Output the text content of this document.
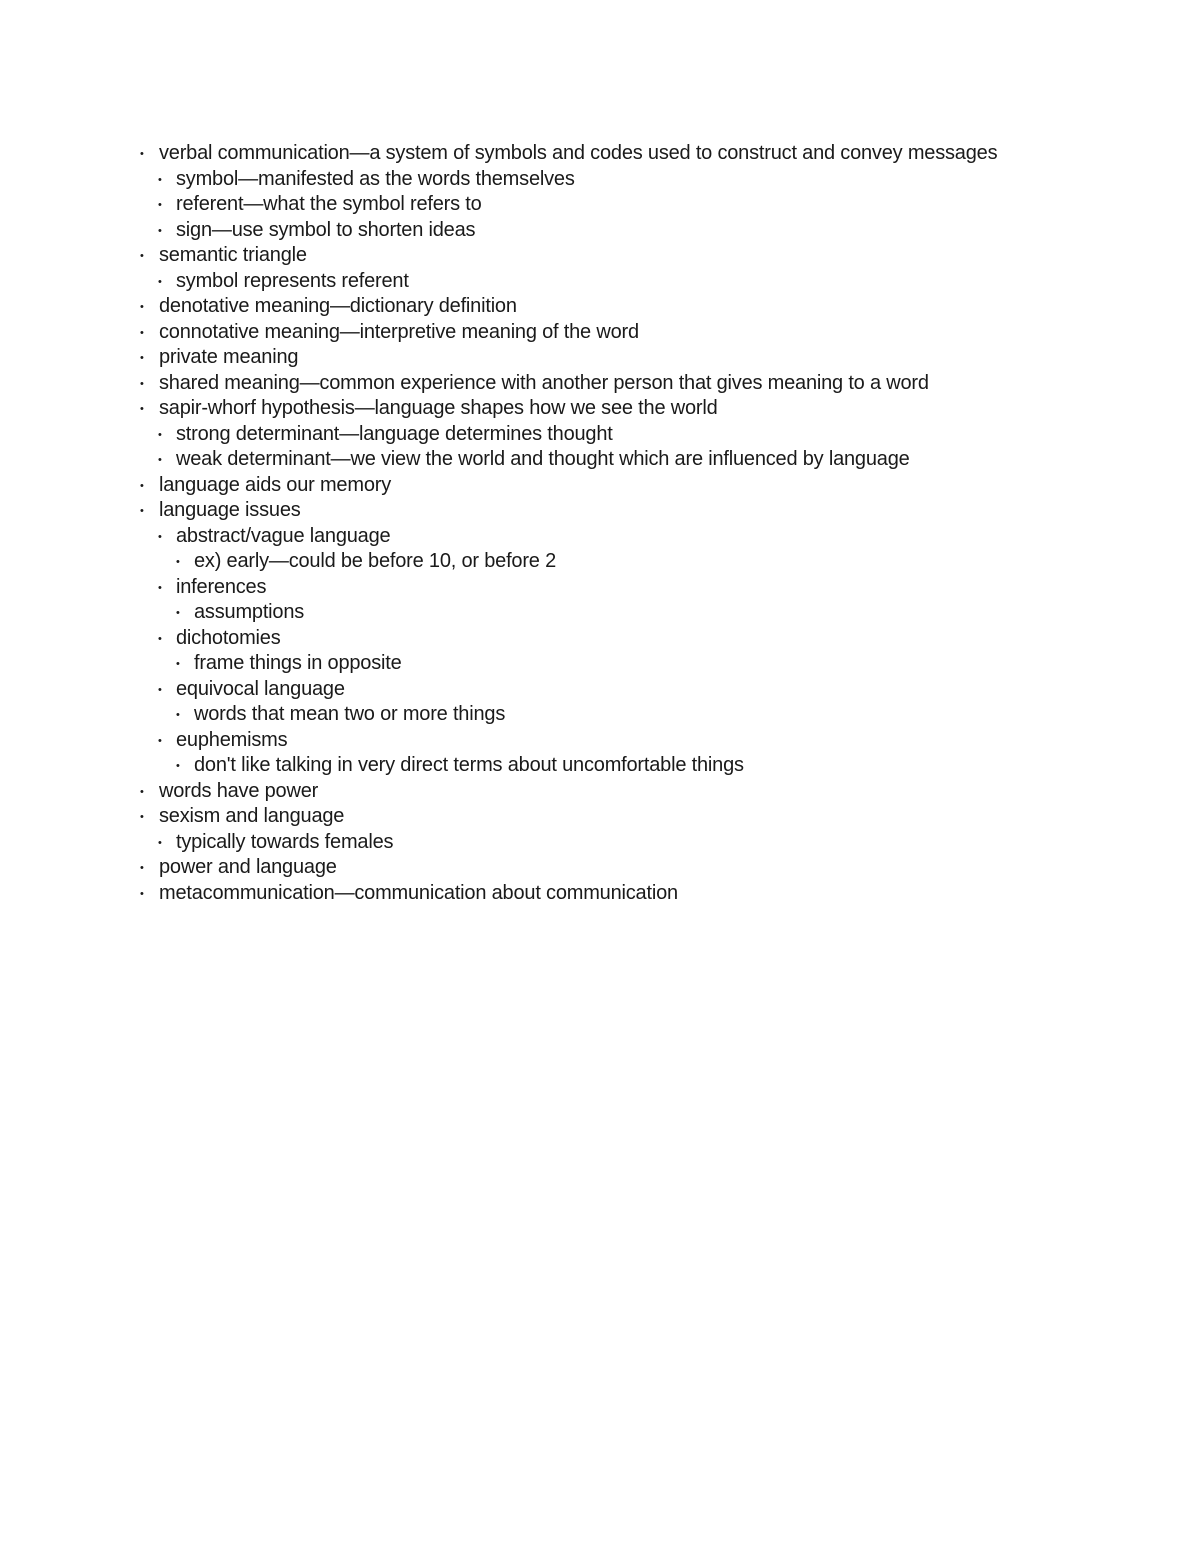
• verbal communication—a system of symbols and codes used to construct and convey messages
• symbol—manifested as the words themselves
• referent—what the symbol refers to
• sign—use symbol to shorten ideas
• semantic triangle
• symbol represents referent
• denotative meaning—dictionary definition
• connotative meaning—interpretive meaning of the word
• private meaning
• shared meaning—common experience with another person that gives meaning to a word
• sapir-whorf hypothesis—language shapes how we see the world
• strong determinant—language determines thought
• weak determinant—we view the world and thought which are influenced by language
• language aids our memory
• language issues
• abstract/vague language
• ex) early—could be before 10, or before 2
• inferences
• assumptions
• dichotomies
• frame things in opposite
• equivocal language
• words that mean two or more things
• euphemisms
• don't like talking in very direct terms about uncomfortable things
• words have power
• sexism and language
• typically towards females
• power and language
• metacommunication—communication about communication
